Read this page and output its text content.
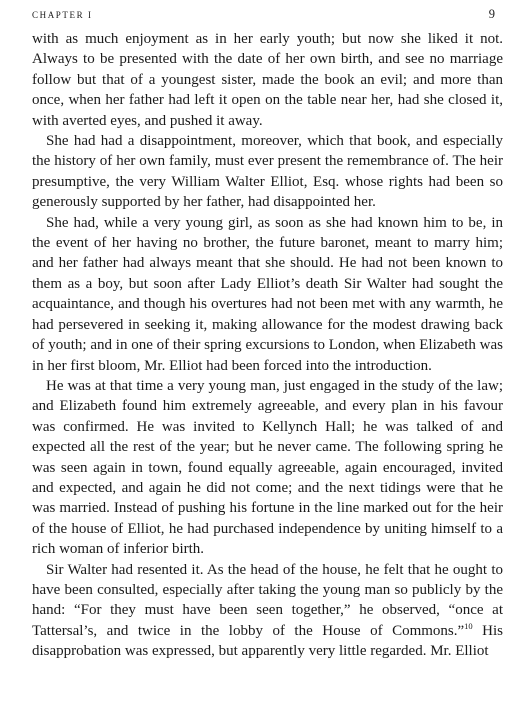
CHAPTER I	9

with as much enjoyment as in her early youth; but now she liked it not. Always to be presented with the date of her own birth, and see no marriage follow but that of a youngest sister, made the book an evil; and more than once, when her father had left it open on the table near her, had she closed it, with averted eyes, and pushed it away.

She had had a disappointment, moreover, which that book, and especially the history of her own family, must ever present the remembrance of. The heir presumptive, the very William Walter Elliot, Esq. whose rights had been so generously supported by her father, had disappointed her.

She had, while a very young girl, as soon as she had known him to be, in the event of her having no brother, the future baronet, meant to marry him; and her father had always meant that she should. He had not been known to them as a boy, but soon after Lady Elliot’s death Sir Walter had sought the acquaintance, and though his overtures had not been met with any warmth, he had persevered in seeking it, making allowance for the modest drawing back of youth; and in one of their spring excursions to London, when Elizabeth was in her first bloom, Mr. Elliot had been forced into the introduction.

He was at that time a very young man, just engaged in the study of the law; and Elizabeth found him extremely agreeable, and every plan in his favour was confirmed. He was invited to Kellynch Hall; he was talked of and expected all the rest of the year; but he never came. The following spring he was seen again in town, found equally agreeable, again encouraged, invited and expected, and again he did not come; and the next tidings were that he was married. Instead of pushing his fortune in the line marked out for the heir of the house of Elliot, he had purchased independence by uniting himself to a rich woman of inferior birth.

Sir Walter had resented it. As the head of the house, he felt that he ought to have been consulted, especially after taking the young man so publicly by the hand: “For they must have been seen together,” he observed, “once at Tattersal’s, and twice in the lobby of the House of Commons.”$^{10}$ His disapprobation was expressed, but apparently very little regarded. Mr. Elliot
